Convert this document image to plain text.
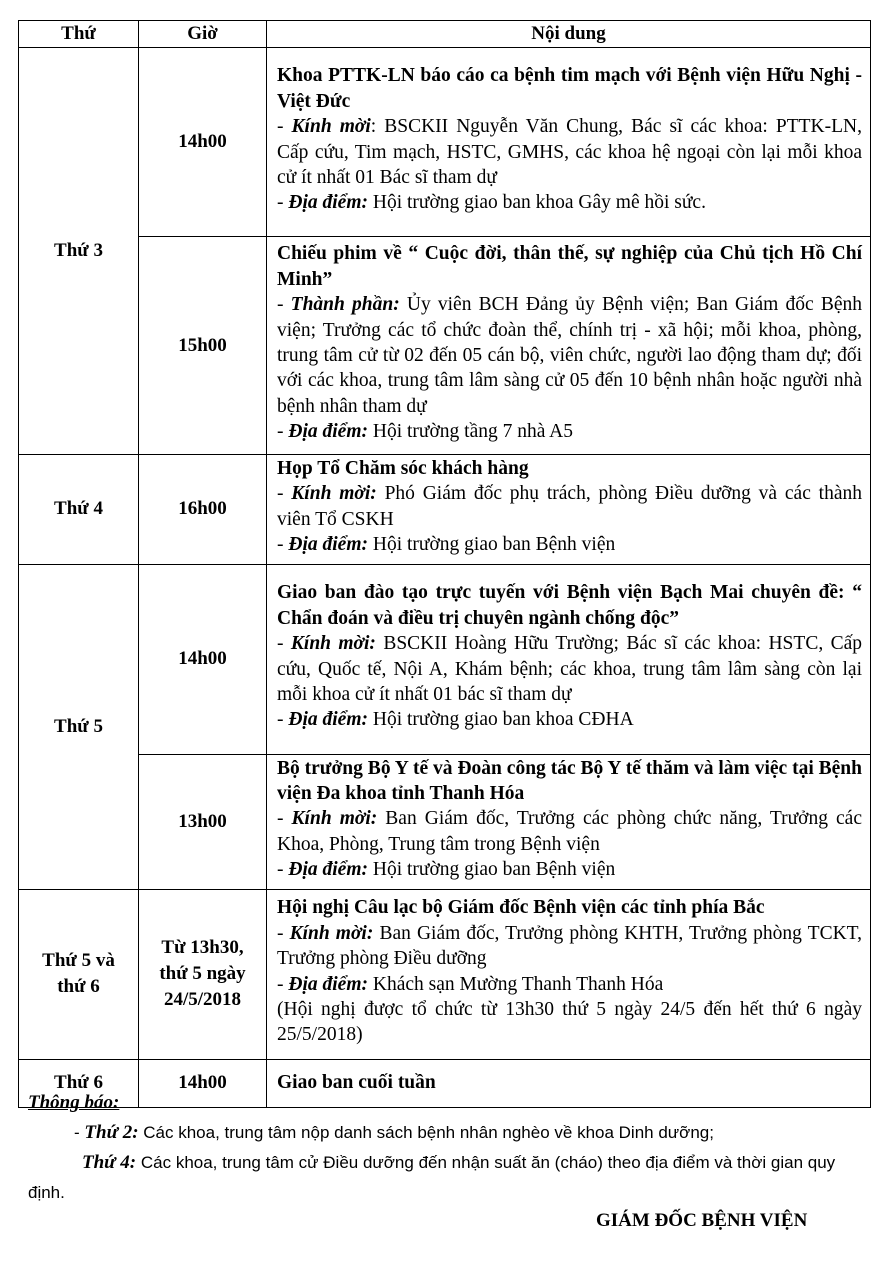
Thứ	Giờ	Nội dung
Thứ 3	14h00	Khoa PTTK-LN báo cáo ca bệnh tim mạch với Bệnh viện Hữu Nghị - Việt Đức
- Kính mời: BSCKII Nguyễn Văn Chung, Bác sĩ các khoa: PTTK-LN, Cấp cứu, Tim mạch, HSTC, GMHS, các khoa hệ ngoại còn lại mỗi khoa cử ít nhất 01 Bác sĩ tham dự
- Địa điểm: Hội trường giao ban khoa Gây mê hồi sức.

	15h00	Chiếu phim về “ Cuộc đời, thân thế, sự nghiệp của Chủ tịch Hồ Chí Minh”
- Thành phần: Ủy viên BCH Đảng ủy Bệnh viện; Ban Giám đốc Bệnh viện; Trưởng các tổ chức đoàn thể, chính trị - xã hội; mỗi khoa, phòng, trung tâm cử từ 02 đến 05 cán bộ, viên chức, người lao động tham dự; đối với các khoa, trung tâm lâm sàng cử 05 đến 10 bệnh nhân hoặc người nhà bệnh nhân tham dự
- Địa điểm: Hội trường tầng 7 nhà A5

Thứ 4	16h00	Họp Tổ Chăm sóc khách hàng
- Kính mời: Phó Giám đốc phụ trách, phòng Điều dưỡng và các thành viên Tổ CSKH
- Địa điểm: Hội trường giao ban Bệnh viện

Thứ 5	14h00	Giao ban đào tạo trực tuyến với Bệnh viện Bạch Mai chuyên đề: “ Chẩn đoán và điều trị chuyên ngành chống độc”
- Kính mời: BSCKII Hoàng Hữu Trường; Bác sĩ các khoa: HSTC, Cấp cứu, Quốc tế, Nội A, Khám bệnh; các khoa, trung tâm lâm sàng còn lại mỗi khoa cử ít nhất 01 bác sĩ tham dự
- Địa điểm: Hội trường giao ban khoa CĐHA

	13h00	Bộ trưởng Bộ Y tế và Đoàn công tác Bộ Y tế thăm và làm việc tại Bệnh viện Đa khoa tỉnh Thanh Hóa
- Kính mời: Ban Giám đốc, Trưởng các phòng chức năng, Trưởng các Khoa, Phòng, Trung tâm trong Bệnh viện
- Địa điểm: Hội trường giao ban Bệnh viện

Thứ 5 và thứ 6	Từ 13h30, thứ 5 ngày 24/5/2018	Hội nghị Câu lạc bộ Giám đốc Bệnh viện các tỉnh phía Bắc
- Kính mời: Ban Giám đốc, Trưởng phòng KHTH, Trưởng phòng TCKT, Trưởng phòng Điều dưỡng
- Địa điểm: Khách sạn Mường Thanh Thanh Hóa
(Hội nghị được tổ chức từ 13h30 thứ 5 ngày 24/5 đến hết thứ 6 ngày 25/5/2018)

Thứ 6	14h00	Giao ban cuối tuần
Thông báo:
- Thứ 2: Các khoa, trung tâm nộp danh sách bệnh nhân nghèo về khoa Dinh dưỡng;
Thứ 4: Các khoa, trung tâm cử Điều dưỡng đến nhận suất ăn (cháo) theo địa điểm và thời gian quy định.
GIÁM ĐỐC BỆNH VIỆN
